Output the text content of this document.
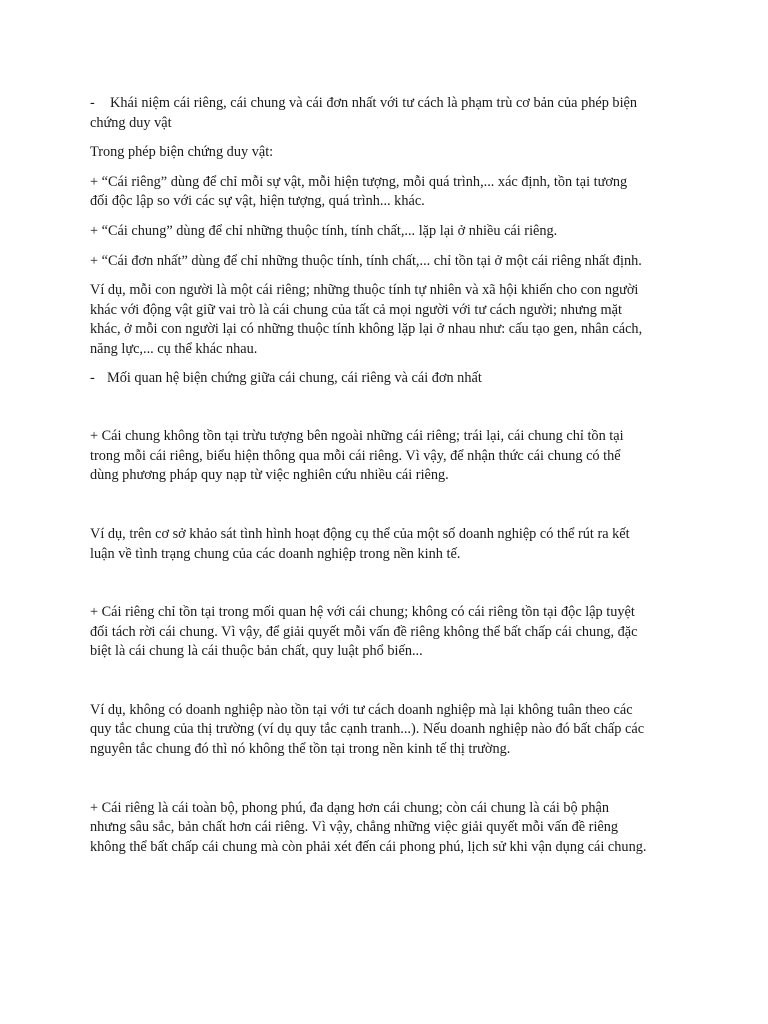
- Khái niệm cái riêng, cái chung và cái đơn nhất với tư cách là phạm trù cơ bản của phép biện
chứng duy vật
Trong phép biện chứng duy vật:
+ “Cái riêng” dùng để chỉ mỗi sự vật, mỗi hiện tượng, mỗi quá trình,... xác định, tồn tại tương
đối độc lập so với các sự vật, hiện tượng, quá trình... khác.
+ “Cái chung” dùng để chỉ những thuộc tính, tính chất,... lặp lại ở nhiều cái riêng.
+ “Cái đơn nhất” dùng để chỉ những thuộc tính, tính chất,... chỉ tồn tại ở một cái riêng nhất định.
Ví dụ, mỗi con người là một cái riêng; những thuộc tính tự nhiên và xã hội khiến cho con người
khác với động vật giữ vai trò là cái chung của tất cả mọi người với tư cách người; nhưng mặt
khác, ở mỗi con người lại có những thuộc tính không lặp lại ở nhau như: cấu tạo gen, nhân cách,
năng lực,... cụ thể khác nhau.
- Mối quan hệ biện chứng giữa cái chung, cái riêng và cái đơn nhất
+ Cái chung không tồn tại trừu tượng bên ngoài những cái riêng; trái lại, cái chung chỉ tồn tại
trong mỗi cái riêng, biểu hiện thông qua mỗi cái riêng. Vì vậy, để nhận thức cái chung có thể
dùng phương pháp quy nạp từ việc nghiên cứu nhiều cái riêng.
Ví dụ, trên cơ sở khảo sát tình hình hoạt động cụ thể của một số doanh nghiệp có thể rút ra kết
luận về tình trạng chung của các doanh nghiệp trong nền kinh tế.
+ Cái riêng chỉ tồn tại trong mối quan hệ với cái chung; không có cái riêng tồn tại độc lập tuyệt
đối tách rời cái chung. Vì vậy, để giải quyết mỗi vấn đề riêng không thể bất chấp cái chung, đặc
biệt là cái chung là cái thuộc bản chất, quy luật phổ biến...
Ví dụ, không có doanh nghiệp nào tồn tại với tư cách doanh nghiệp mà lại không tuân theo các
quy tắc chung của thị trường (ví dụ quy tắc cạnh tranh...). Nếu doanh nghiệp nào đó bất chấp các
nguyên tắc chung đó thì nó không thể tồn tại trong nền kinh tế thị trường.
+ Cái riêng là cái toàn bộ, phong phú, đa dạng hơn cái chung; còn cái chung là cái bộ phận
nhưng sâu sắc, bản chất hơn cái riêng. Vì vậy, chẳng những việc giải quyết mỗi vấn đề riêng
không thể bất chấp cái chung mà còn phải xét đến cái phong phú, lịch sử khi vận dụng cái chung.
